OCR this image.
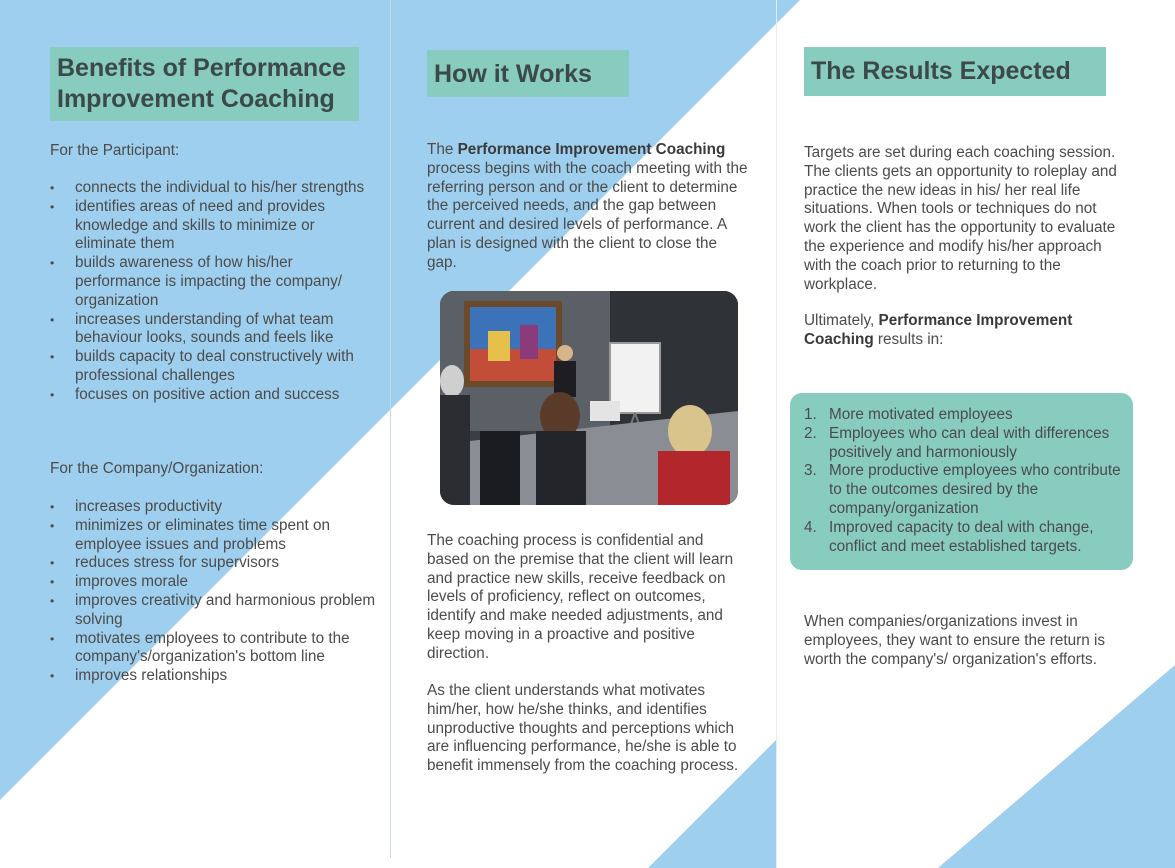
Benefits of Performance
Improvement Coaching

For the Participant:

• connects the individual to his/her strengths
• identifies areas of need and provides knowledge and skills to minimize or eliminate them
• builds awareness of how his/her performance is impacting the company/ organization
• increases understanding of what team behaviour looks, sounds and feels like
• builds capacity to deal constructively with professional challenges
• focuses on positive action and success

For the Company/Organization:

• increases productivity
• minimizes or eliminates time spent on employee issues and problems
• reduces stress for supervisors
• improves morale
• improves creativity and harmonious problem solving
• motivates employees to contribute to the company's/organization's bottom line
• improves relationships
How it Works

The Performance Improvement Coaching process begins with the coach meeting with the referring person and or the client to determine the perceived needs, and the gap between current and desired levels of performance. A plan is designed with the client to close the gap.

The coaching process is confidential and based on the premise that the client will learn and practice new skills, receive feedback on levels of proficiency, reflect on outcomes, identify and make needed adjustments, and keep moving in a proactive and positive direction.

As the client understands what motivates him/her, how he/she thinks, and identifies unproductive thoughts and perceptions which are influencing performance, he/she is able to benefit immensely from the coaching process.

The Results Expected

Targets are set during each coaching session. The clients gets an opportunity to roleplay and practice the new ideas in his/ her real life situations. When tools or techniques do not work the client has the opportunity to evaluate the experience and modify his/her approach with the coach prior to returning to the workplace.

Ultimately, Performance Improvement Coaching results in:

1. More motivated employees
2. Employees who can deal with differences positively and harmoniously
3. More productive employees who contribute to the outcomes desired by the company/organization
4. Improved capacity to deal with change, conflict and meet established targets.

When companies/organizations invest in employees, they want to ensure the return is worth the company's/ organization's efforts.
